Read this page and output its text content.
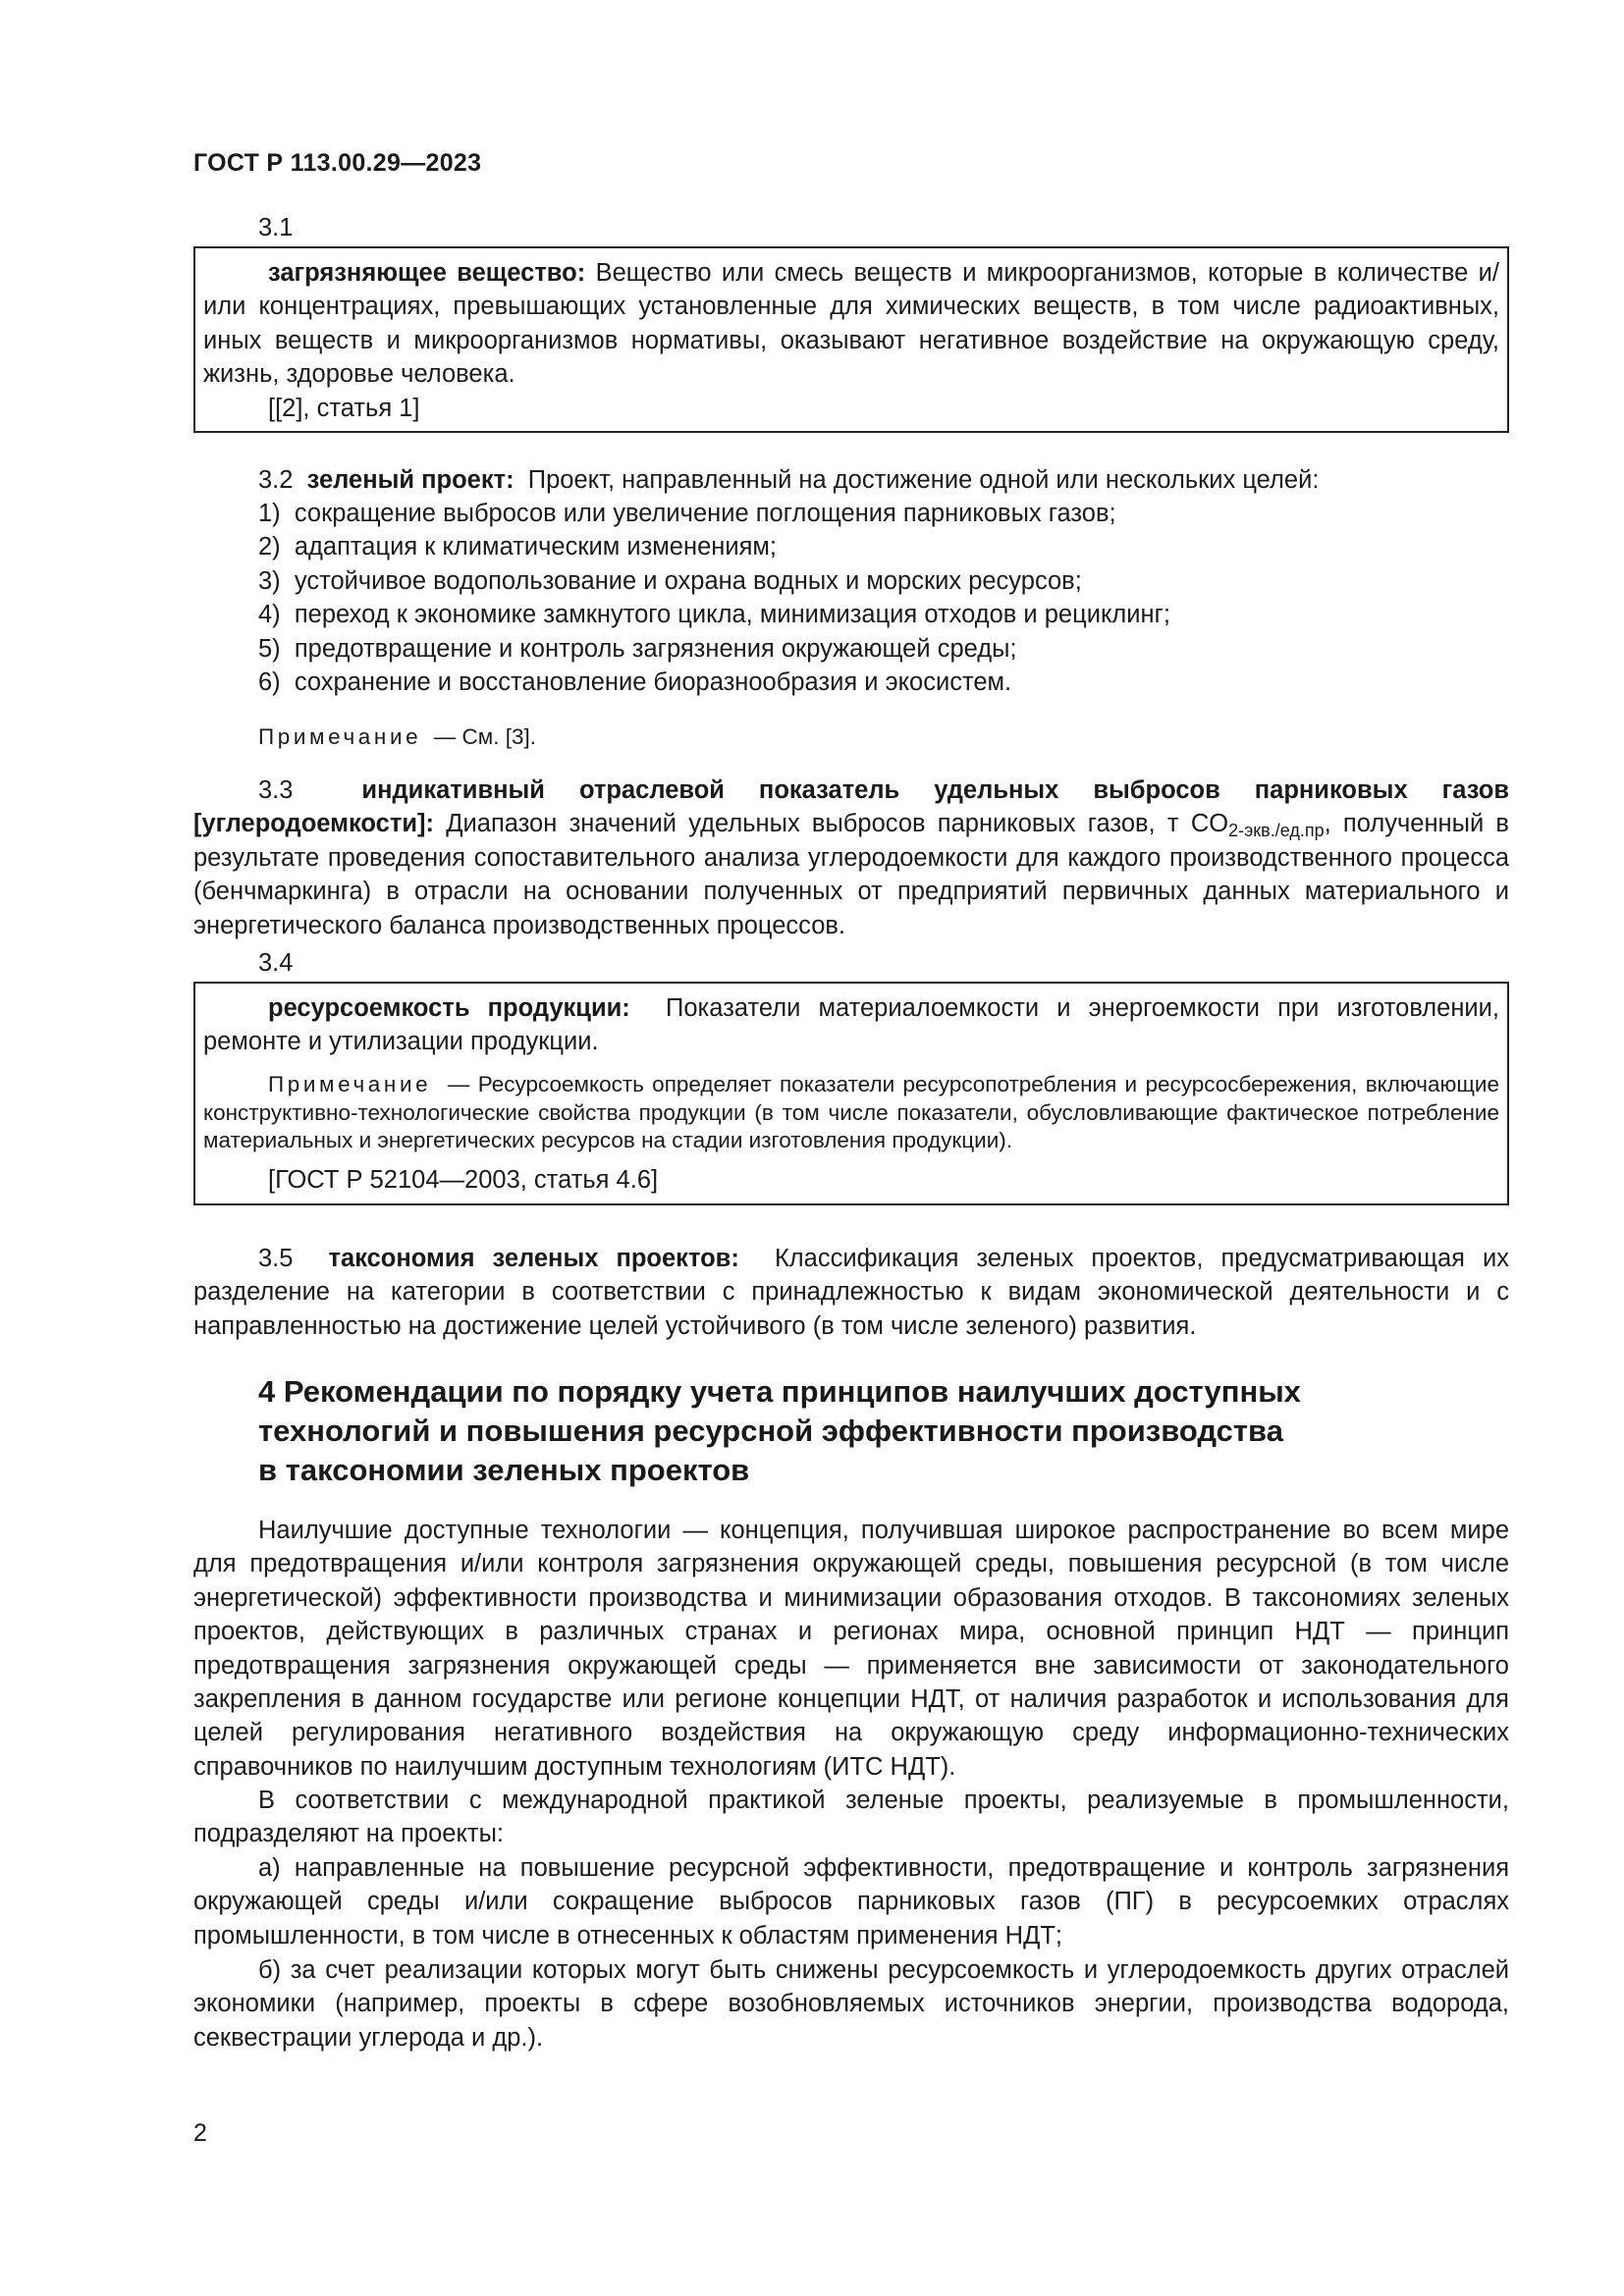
ГОСТ Р 113.00.29—2023
3.1

загрязняющее вещество: Вещество или смесь веществ и микроорганизмов, которые в количестве и/или концентрациях, превышающих установленные для химических веществ, в том числе радиоактивных, иных веществ и микроорганизмов нормативы, оказывают негативное воздействие на окружающую среду, жизнь, здоровье человека.

[[2], статья 1]

3.2 зеленый проект: Проект, направленный на достижение одной или нескольких целей:
1) сокращение выбросов или увеличение поглощения парниковых газов;
2) адаптация к климатическим изменениям;
3) устойчивое водопользование и охрана водных и морских ресурсов;
4) переход к экономике замкнутого цикла, минимизация отходов и рециклинг;
5) предотвращение и контроль загрязнения окружающей среды;
6) сохранение и восстановление биоразнообразия и экосистем.
Примечание — См. [3].
3.3	индикативный отраслевой показатель удельных выбросов парниковых газов [углеродоемкости]: Диапазон значений удельных выбросов парниковых газов, т $CO_{2-экв./ед.пр}$, полученный в результате проведения сопоставительного анализа углеродоемкости для каждого производственного процесса (бенчмаркинга) в отрасли на основании полученных от предприятий первичных данных материального и энергетического баланса производственных процессов.
3.4

ресурсоемкость продукции: Показатели материалоемкости и энергоемкости при изготовлении, ремонте и утилизации продукции.

Примечание — Ресурсоемкость определяет показатели ресурсопотребления и ресурсосбережения, включающие конструктивно-технологические свойства продукции (в том числе показатели, обусловливающие фактическое потребление материальных и энергетических ресурсов на стадии изготовления продукции).

[ГОСТ Р 52104—2003, статья 4.6]

3.5 таксономия зеленых проектов: Классификация зеленых проектов, предусматривающая их разделение на категории в соответствии с принадлежностью к видам экономической деятельности и с направленностью на достижение целей устойчивого (в том числе зеленого) развития.
4 Рекомендации по порядку учета принципов наилучших доступных
технологий и повышения ресурсной эффективности производства
в таксономии зеленых проектов
Наилучшие доступные технологии — концепция, получившая широкое распространение во всем мире для предотвращения и/или контроля загрязнения окружающей среды, повышения ресурсной (в том числе энергетической) эффективности производства и минимизации образования отходов. В таксономиях зеленых проектов, действующих в различных странах и регионах мира, основной принцип НДТ — принцип предотвращения загрязнения окружающей среды — применяется вне зависимости от законодательного закрепления в данном государстве или регионе концепции НДТ, от наличия разработок и использования для целей регулирования негативного воздействия на окружающую среду информационно-технических справочников по наилучшим доступным технологиям (ИТС НДТ).
В соответствии с международной практикой зеленые проекты, реализуемые в промышленности, подразделяют на проекты:
а) направленные на повышение ресурсной эффективности, предотвращение и контроль загрязнения окружающей среды и/или сокращение выбросов парниковых газов (ПГ) в ресурсоемких отраслях промышленности, в том числе в отнесенных к областям применения НДТ;
б) за счет реализации которых могут быть снижены ресурсоемкость и углеродоемкость других отраслей экономики (например, проекты в сфере возобновляемых источников энергии, производства водорода, секвестрации углерода и др.).
2
